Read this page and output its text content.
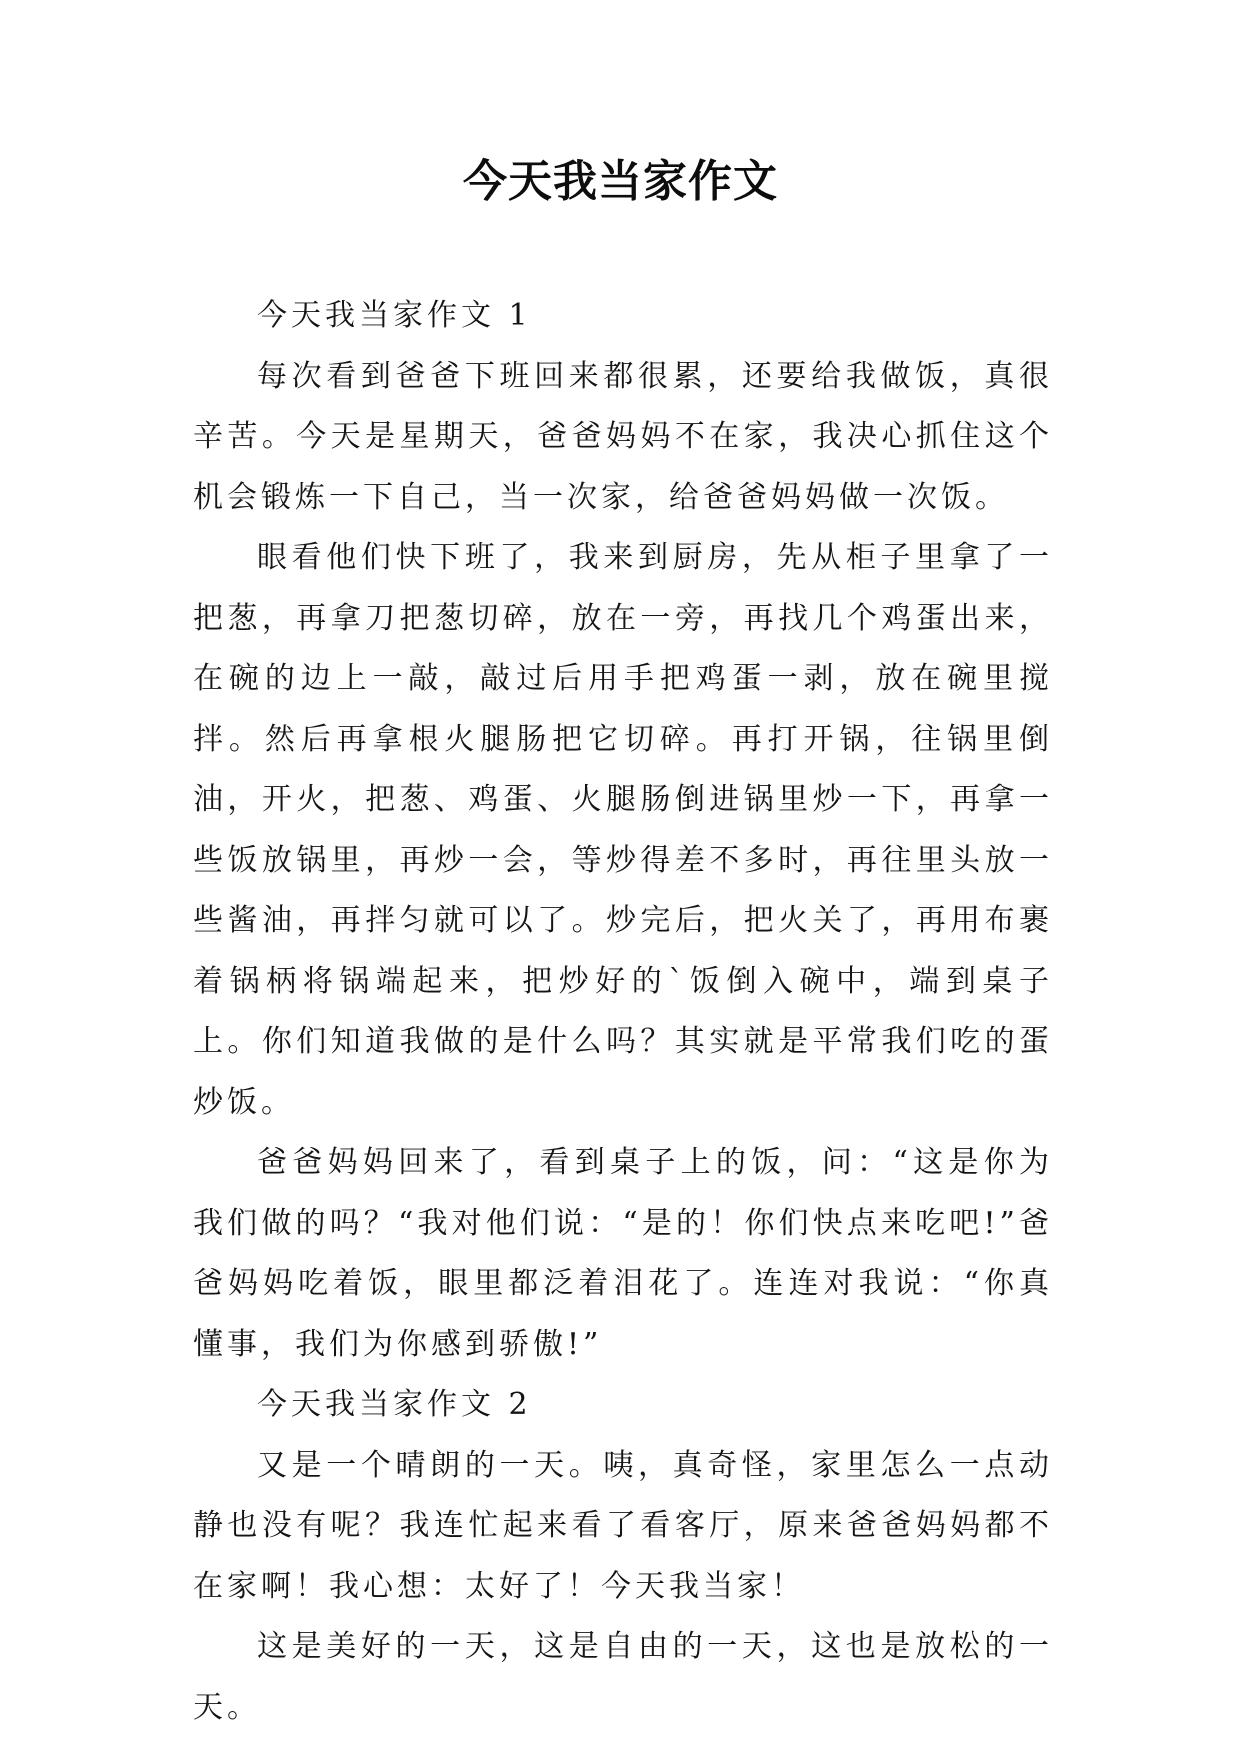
今天我当家作文

今天我当家作文 1

每次看到爸爸下班回来都很累，还要给我做饭，真很辛苦。今天是星期天，爸爸妈妈不在家，我决心抓住这个机会锻炼一下自己，当一次家，给爸爸妈妈做一次饭。

眼看他们快下班了，我来到厨房，先从柜子里拿了一把葱，再拿刀把葱切碎，放在一旁，再找几个鸡蛋出来，在碗的边上一敲，敲过后用手把鸡蛋一剥，放在碗里搅拌。然后再拿根火腿肠把它切碎。再打开锅，往锅里倒油，开火，把葱、鸡蛋、火腿肠倒进锅里炒一下，再拿一些饭放锅里，再炒一会，等炒得差不多时，再往里头放一些酱油，再拌匀就可以了。炒完后，把火关了，再用布裹着锅柄将锅端起来，把炒好的`饭倒入碗中，端到桌子上。你们知道我做的是什么吗？其实就是平常我们吃的蛋炒饭。

爸爸妈妈回来了，看到桌子上的饭，问：“这是你为我们做的吗？“我对他们说：“是的！你们快点来吃吧!”爸爸妈妈吃着饭，眼里都泛着泪花了。连连对我说：“你真懂事，我们为你感到骄傲!”

今天我当家作文 2

又是一个晴朗的一天。咦，真奇怪，家里怎么一点动静也没有呢？我连忙起来看了看客厅，原来爸爸妈妈都不在家啊！我心想：太好了！今天我当家！

这是美好的一天，这是自由的一天，这也是放松的一天。
